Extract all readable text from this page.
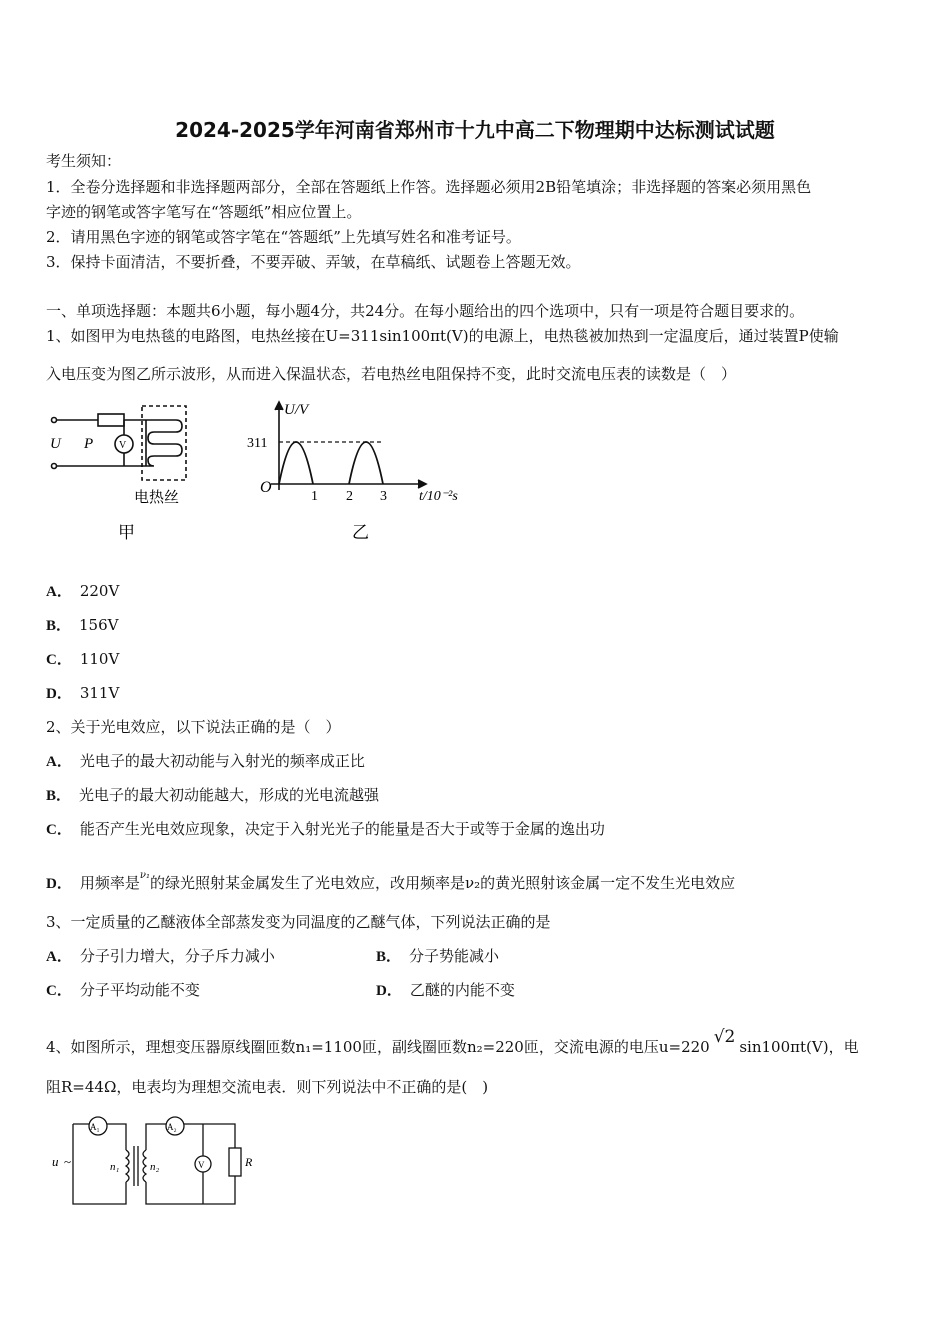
2024-2025学年河南省郑州市十九中高二下物理期中达标测试试题
考生须知：
1．全卷分选择题和非选择题两部分，全部在答题纸上作答。选择题必须用2B铅笔填涂；非选择题的答案必须用黑色
字迹的钢笔或答字笔写在“答题纸”相应位置上。
2．请用黑色字迹的钢笔或答字笔在“答题纸”上先填写姓名和准考证号。
3．保持卡面清洁，不要折叠，不要弄破、弄皱，在草稿纸、试题卷上答题无效。
一、单项选择题：本题共6小题，每小题4分，共24分。在每小题给出的四个选项中，只有一项是符合题目要求的。
1、如图甲为电热毯的电路图，电热丝接在U=311sin100πt(V)的电源上，电热毯被加热到一定温度后，通过装置P使输
入电压变为图乙所示波形，从而进入保温状态，若电热丝电阻保持不变，此时交流电压表的读数是（　）
U P	V
电热丝
甲
U/V
311
O
1 2 3 t/10⁻²s
乙
A． 220V
B． 156V
C． 110V
D． 311V
2、关于光电效应，以下说法正确的是（　）
A． 光电子的最大初动能与入射光的频率成正比
B． 光电子的最大初动能越大，形成的光电流越强
C． 能否产生光电效应现象，决定于入射光光子的能量是否大于或等于金属的逸出功
D． 用频率是$^{\nu_1}$的绿光照射某金属发生了光电效应，改用频率是ν₂的黄光照射该金属一定不发生光电效应
3、一定质量的乙醚液体全部蒸发变为同温度的乙醚气体，下列说法正确的是
A． 分子引力增大，分子斥力减小	B． 分子势能减小
C． 分子平均动能不变	D． 乙醚的内能不变
4、如图所示，理想变压器原线圈匝数n₁=1100匝，副线圈匝数n₂=220匝，交流电源的电压u=220 √2 sin100πt(V)，电
阻R=44Ω，电表均为理想交流电表．则下列说法中不正确的是(　)
A₁	A₂
V
u ~	n₁	n₂	R
